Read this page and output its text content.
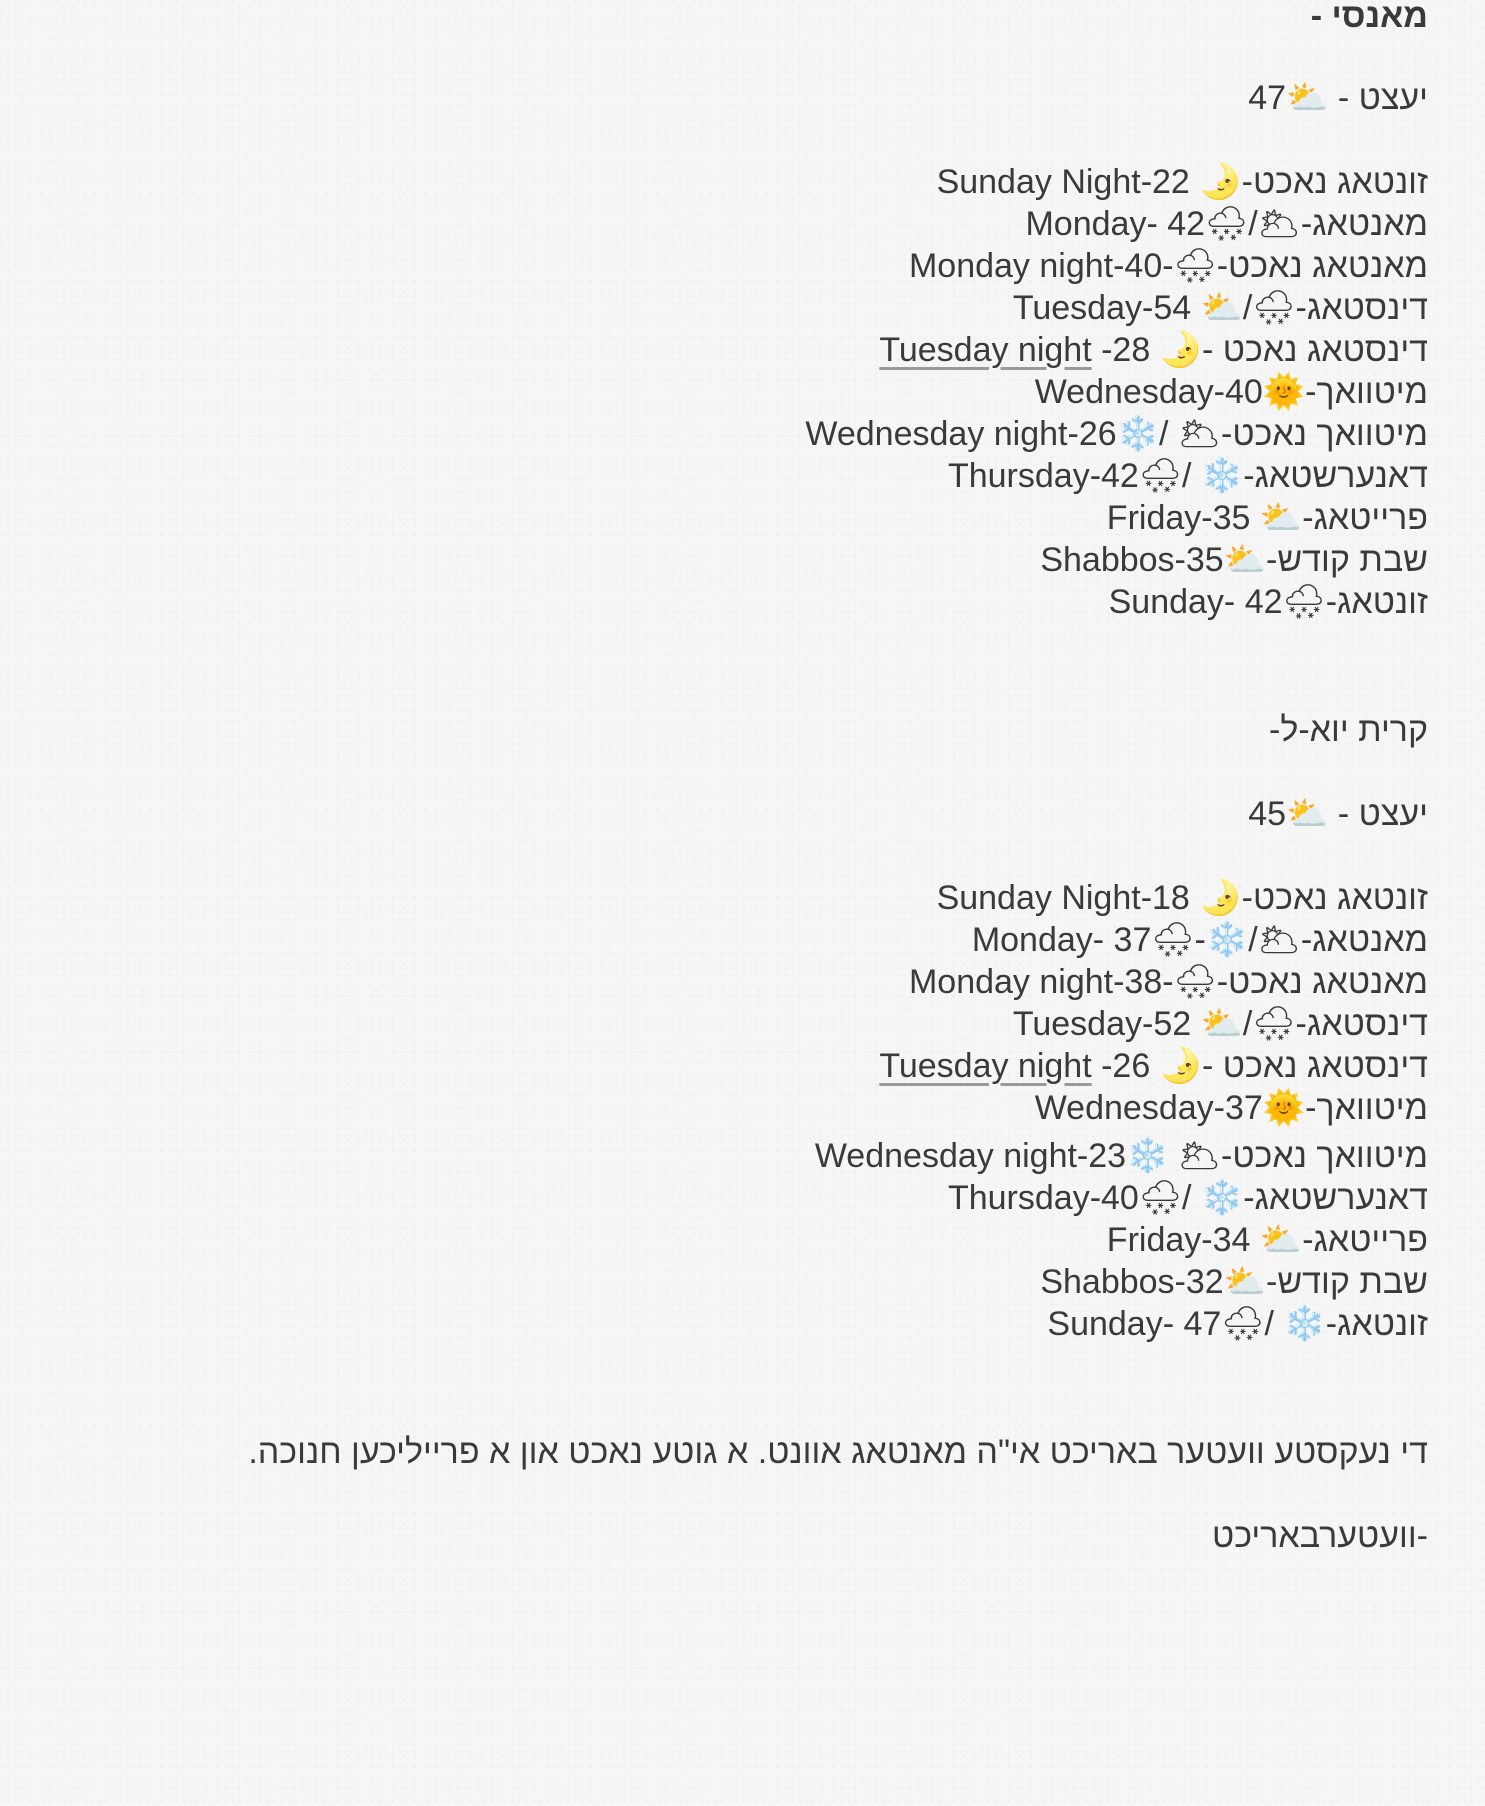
מאנסי -
יעצט - 47⛅
זונטאג נאכט-Sunday Night-22 🌛
מאנטאג-Monday- 42🌨/🌥
מאנטאג נאכט-Monday night-40-🌨
דינסטאג-Tuesday-54 ⛅/🌨
דינסטאג נאכט -Tuesday night -28 🌛
מיטוואך-Wednesday-40🌞
מיטוואך נאכט-Wednesday night-26❄️/ 🌥
דאנערשטאג-Thursday-42🌨/ ❄️
פרייטאג-Friday-35 ⛅
שבת קודש-Shabbos-35⛅
זונטאג-Sunday- 42🌨
קרית יוא-ל-
יעצט - 45⛅
זונטאג נאכט-Sunday Night-18 🌛
מאנטאג-Monday- 37🌨-❄️/🌥
מאנטאג נאכט-Monday night-38-🌨
דינסטאג-Tuesday-52 ⛅/🌨
דינסטאג נאכט -Tuesday night -26 🌛
מיטוואך-Wednesday-37🌞
מיטוואך נאכט-Wednesday night-23❄️ 🌥
דאנערשטאג-Thursday-40🌨/ ❄️
פרייטאג-Friday-34 ⛅
שבת קודש-Shabbos-32⛅
זונטאג-Sunday- 47🌨/ ❄️
די נעקסטע וועטער באריכט אי"ה מאנטאג אוונט. א גוטע נאכט און א פרייליכען חנוכה.
-וועטערבאריכט
